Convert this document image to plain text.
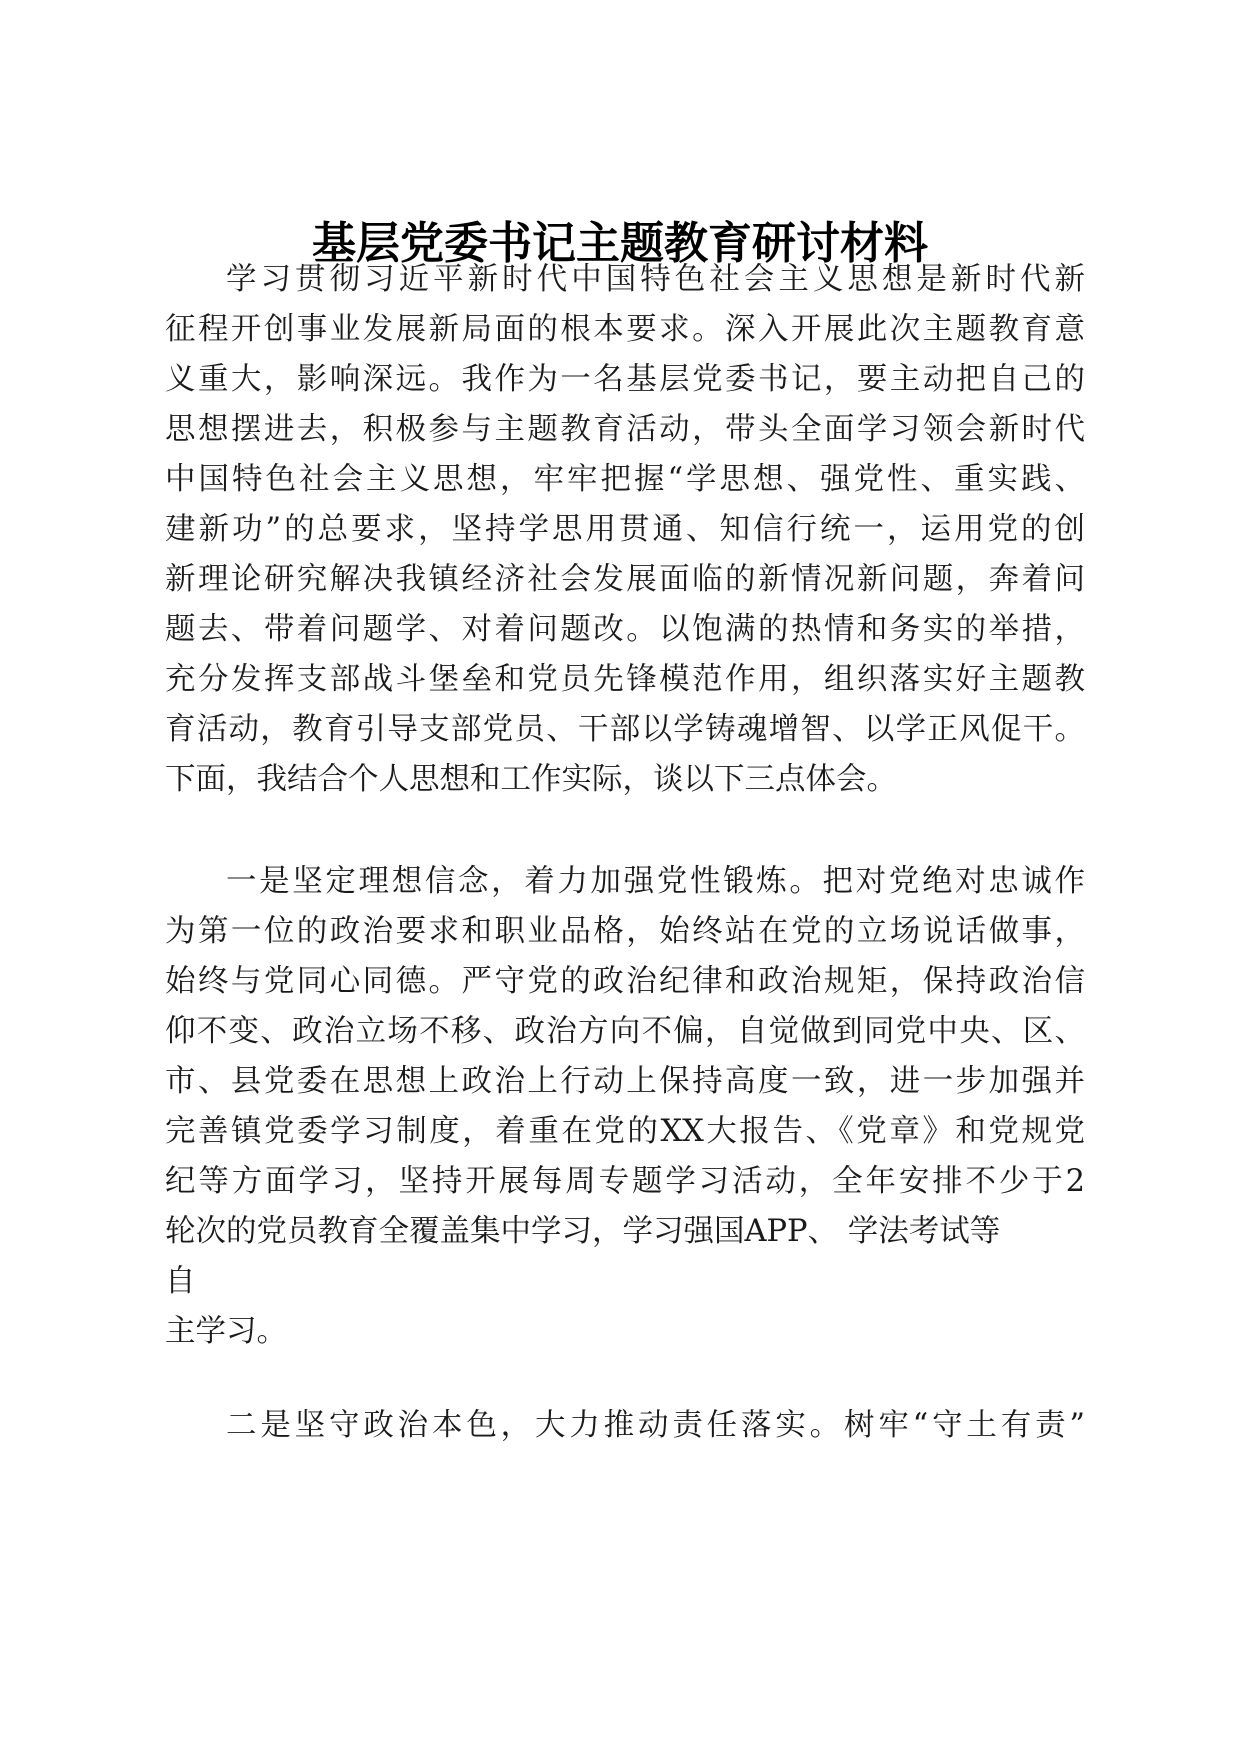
基层党委书记主题教育研讨材料
学习贯彻习近平新时代中国特色社会主义思想是新时代新
征程开创事业发展新局面的根本要求。深入开展此次主题教育意
义重大，影响深远。我作为一名基层党委书记，要主动把自己的
思想摆进去，积极参与主题教育活动，带头全面学习领会新时代
中国特色社会主义思想，牢牢把握“学思想、强党性、重实践、
建新功”的总要求，坚持学思用贯通、知信行统一，运用党的创
新理论研究解决我镇经济社会发展面临的新情况新问题，奔着问
题去、带着问题学、对着问题改。以饱满的热情和务实的举措，
充分发挥支部战斗堡垒和党员先锋模范作用，组织落实好主题教
育活动，教育引导支部党员、干部以学铸魂增智、以学正风促干。
下面，我结合个人思想和工作实际，谈以下三点体会。
一是坚定理想信念，着力加强党性锻炼。把对党绝对忠诚作
为第一位的政治要求和职业品格，始终站在党的立场说话做事，
始终与党同心同德。严守党的政治纪律和政治规矩，保持政治信
仰不变、政治立场不移、政治方向不偏，自觉做到同党中央、区、
市、县党委在思想上政治上行动上保持高度一致，进一步加强并
完善镇党委学习制度，着重在党的XX大报告、《党章》和党规党
纪等方面学习，坚持开展每周专题学习活动，全年安排不少于2
轮次的党员教育全覆盖集中学习，学习强国APP、 学法考试等
自
主学习。
二是坚守政治本色，大力推动责任落实。树牢“守土有责”
